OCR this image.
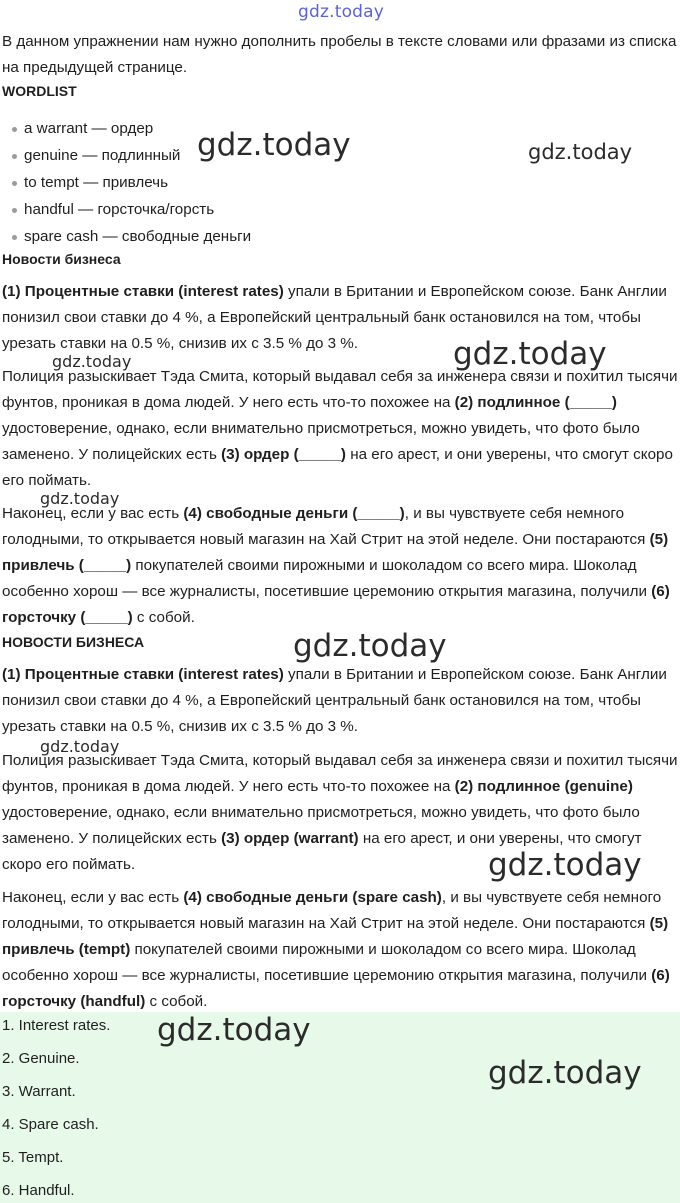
gdz.today

В данном упражнении нам нужно дополнить пробелы в тексте словами или фразами из списка на предыдущей странице.

WORDLIST
a warrant — ордер
genuine — подлинный
to tempt — привлечь
handful — горсточка/горсть
spare cash — свободные деньги
Новости бизнеса

(1) Процентные ставки (interest rates) упали в Британии и Европейском союзе. Банк Англии понизил свои ставки до 4 %, а Европейский центральный банк остановился на том, чтобы урезать ставки на 0.5 %, снизив их с 3.5 % до 3 %.

Полиция разыскивает Тэда Смита, который выдавал себя за инженера связи и похитил тысячи фунтов, проникая в дома людей. У него есть что-то похожее на (2) подлинное (_____) удостоверение, однако, если внимательно присмотреться, можно увидеть, что фото было заменено. У полицейских есть (3) ордер (_____) на его арест, и они уверены, что смогут скоро его поймать.

Наконец, если у вас есть (4) свободные деньги (_____), и вы чувствуете себя немного голодными, то открывается новый магазин на Хай Стрит на этой неделе. Они постараются (5) привлечь (_____) покупателей своими пирожными и шоколадом со всего мира. Шоколад особенно хорош — все журналисты, посетившие церемонию открытия магазина, получили (6) горсточку (_____) с собой.

НОВОСТИ БИЗНЕСА

(1) Процентные ставки (interest rates) упали в Британии и Европейском союзе. Банк Англии понизил свои ставки до 4 %, а Европейский центральный банк остановился на том, чтобы урезать ставки на 0.5 %, снизив их с 3.5 % до 3 %.

Полиция разыскивает Тэда Смита, который выдавал себя за инженера связи и похитил тысячи фунтов, проникая в дома людей. У него есть что-то похожее на (2) подлинное (genuine) удостоверение, однако, если внимательно присмотреться, можно увидеть, что фото было заменено. У полицейских есть (3) ордер (warrant) на его арест, и они уверены, что смогут скоро его поймать.

Наконец, если у вас есть (4) свободные деньги (spare cash), и вы чувствуете себя немного голодными, то открывается новый магазин на Хай Стрит на этой неделе. Они постараются (5) привлечь (tempt) покупателей своими пирожными и шоколадом со всего мира. Шоколад особенно хорош — все журналисты, посетившие церемонию открытия магазина, получили (6) горсточку (handful) с собой.

1. Interest rates.
2. Genuine.
3. Warrant.
4. Spare cash.
5. Tempt.
6. Handful.
gdz.today	gdz.today
gdz.today
gdz.today
gdz.today
gdz.today
gdz.today
gdz.today
gdz.today
gdz.today
